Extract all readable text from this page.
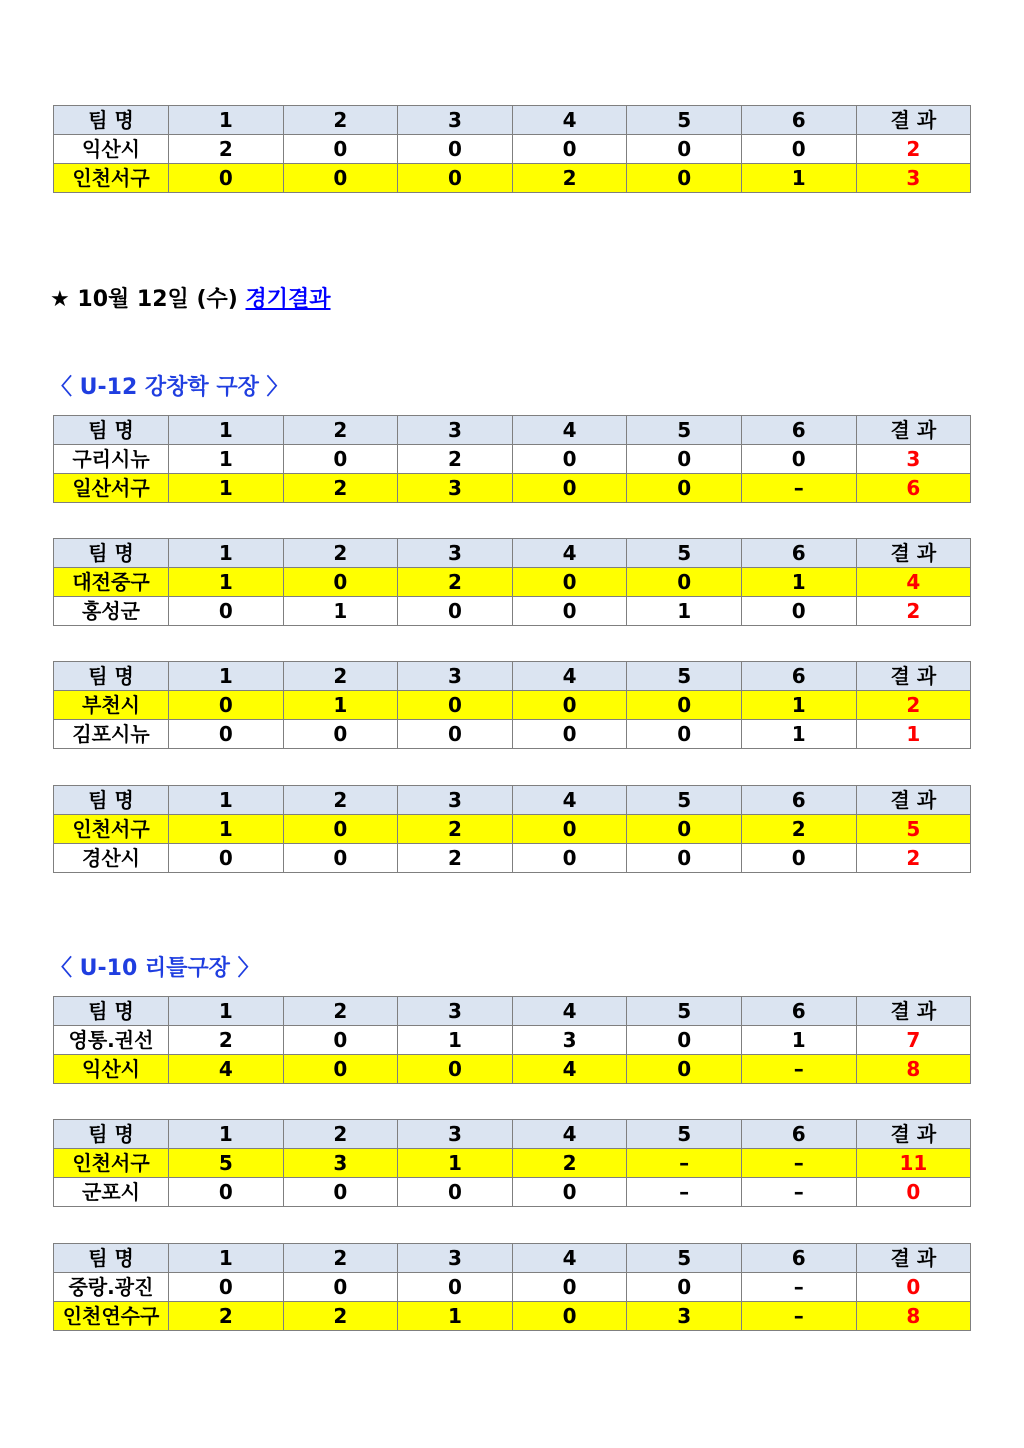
팀 명	1	2	3	4	5	6	결 과
익산시	2	0	0	0	0	0	2
인천서구	0	0	0	2	0	1	3
팀 명	1	2	3	4	5	6	결 과
구리시뉴	1	0	2	0	0	0	3
일산서구	1	2	3	0	0	–	6
팀 명	1	2	3	4	5	6	결 과
대전중구	1	0	2	0	0	1	4
홍성군	0	1	0	0	1	0	2
팀 명	1	2	3	4	5	6	결 과
부천시	0	1	0	0	0	1	2
김포시뉴	0	0	0	0	0	1	1
팀 명	1	2	3	4	5	6	결 과
인천서구	1	0	2	0	0	2	5
경산시	0	0	2	0	0	0	2
팀 명	1	2	3	4	5	6	결 과
영통.권선	2	0	1	3	0	1	7
익산시	4	0	0	4	0	–	8
팀 명	1	2	3	4	5	6	결 과
인천서구	5	3	1	2	–	–	11
군포시	0	0	0	0	–	–	0
팀 명	1	2	3	4	5	6	결 과
중랑.광진	0	0	0	0	0	–	0
인천연수구	2	2	1	0	3	–	8
★ 10월 12일 (수) 경기결과
〈 U-12 강창학 구장 〉
〈 U-10 리틀구장 〉
